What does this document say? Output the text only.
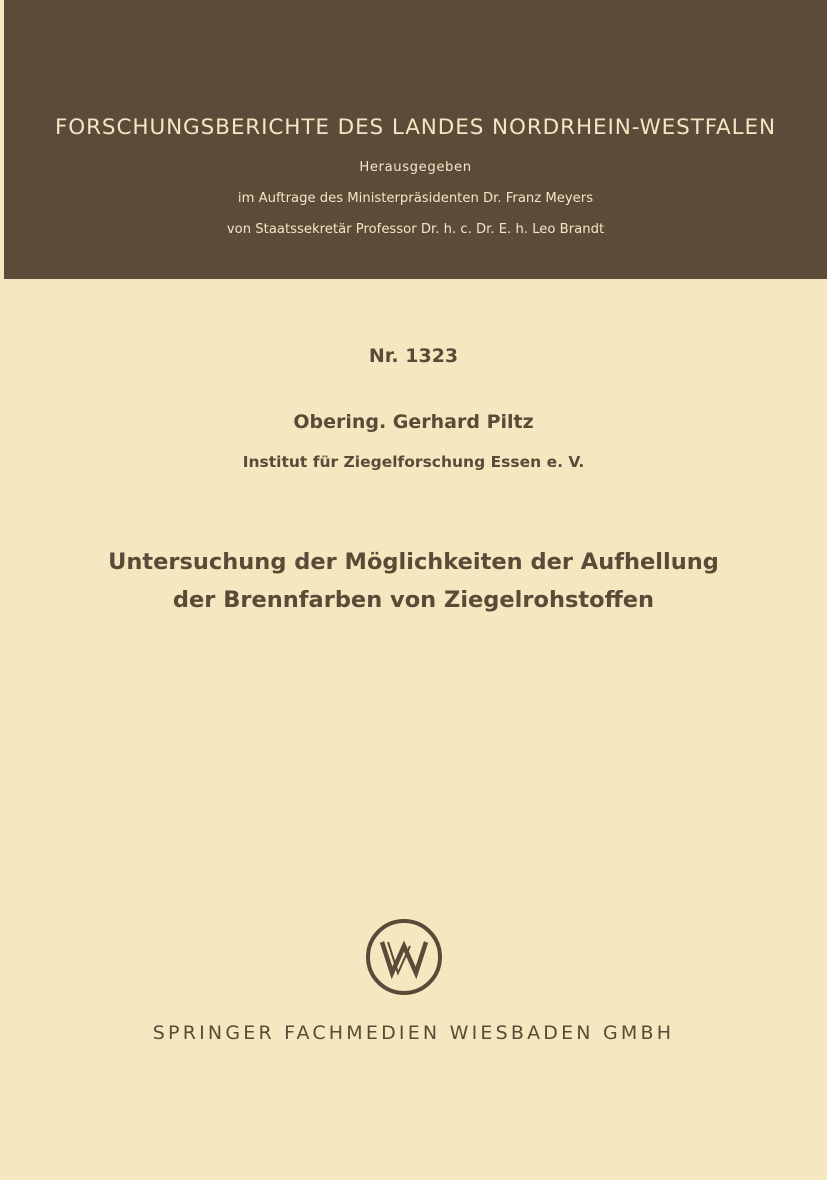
FORSCHUNGSBERICHTE DES LANDES NORDRHEIN-WESTFALEN
Herausgegeben
im Auftrage des Ministerpräsidenten Dr. Franz Meyers
von Staatssekretär Professor Dr. h. c. Dr. E. h. Leo Brandt
Nr. 1323
Obering. Gerhard Piltz
Institut für Ziegelforschung Essen e. V.
Untersuchung der Möglichkeiten der Aufhellung
der Brennfarben von Ziegelrohstoffen
SPRINGER FACHMEDIEN WIESBADEN GMBH
